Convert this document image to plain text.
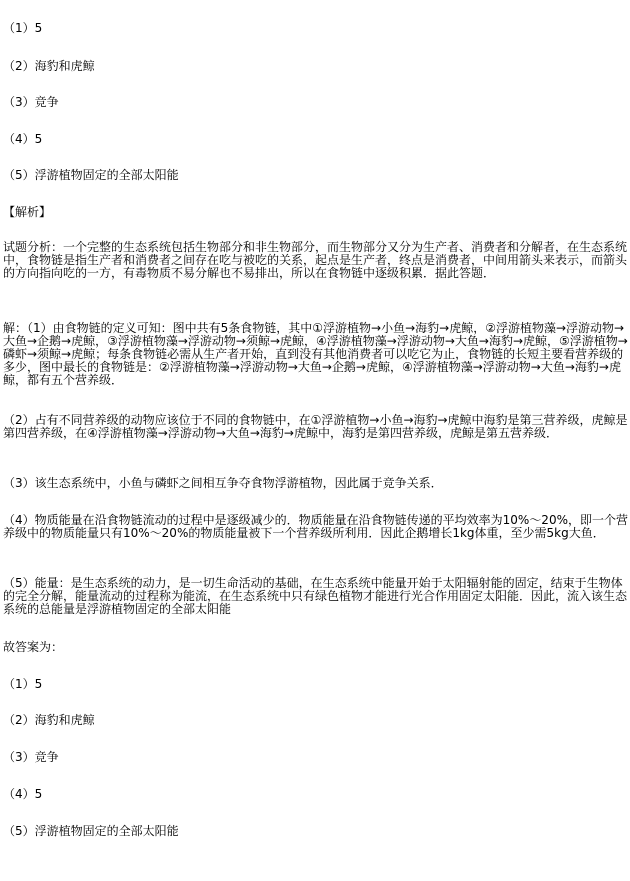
（1）5
（2）海豹和虎鲸
（3）竞争
（4）5
（5）浮游植物固定的全部太阳能
【解析】
试题分析：一个完整的生态系统包括生物部分和非生物部分，而生物部分又分为生产者、消费者和分解者，在生态系统中，食物链是指生产者和消费者之间存在吃与被吃的关系，起点是生产者，终点是消费者，中间用箭头来表示，而箭头的方向指向吃的一方，有毒物质不易分解也不易排出，所以在食物链中逐级积累．据此答题．
解：（1）由食物链的定义可知：图中共有5条食物链，其中①浮游植物→小鱼→海豹→虎鲸，②浮游植物藻→浮游动物→大鱼→企鹅→虎鲸，③浮游植物藻→浮游动物→须鲸→虎鲸，④浮游植物藻→浮游动物→大鱼→海豹→虎鲸，⑤浮游植物→磷虾→须鲸→虎鲸；每条食物链必需从生产者开始，直到没有其他消费者可以吃它为止，食物链的长短主要看营养级的多少，图中最长的食物链是：②浮游植物藻→浮游动物→大鱼→企鹅→虎鲸，④浮游植物藻→浮游动物→大鱼→海豹→虎鲸，都有五个营养级．
（2）占有不同营养级的动物应该位于不同的食物链中，在①浮游植物→小鱼→海豹→虎鲸中海豹是第三营养级，虎鲸是第四营养级，在④浮游植物藻→浮游动物→大鱼→海豹→虎鲸中，海豹是第四营养级，虎鲸是第五营养级．
（3）该生态系统中，小鱼与磷虾之间相互争夺食物浮游植物，因此属于竞争关系．
（4）物质能量在沿食物链流动的过程中是逐级减少的．物质能量在沿食物链传递的平均效率为10%～20%，即一个营养级中的物质能量只有10%～20%的物质能量被下一个营养级所利用．因此企鹅增长1kg体重，至少需5kg大鱼．
（5）能量：是生态系统的动力，是一切生命活动的基础，在生态系统中能量开始于太阳辐射能的固定，结束于生物体的完全分解，能量流动的过程称为能流，在生态系统中只有绿色植物才能进行光合作用固定太阳能．因此，流入该生态系统的总能量是浮游植物固定的全部太阳能
故答案为：
（1）5
（2）海豹和虎鲸
（3）竞争
（4）5
（5）浮游植物固定的全部太阳能
